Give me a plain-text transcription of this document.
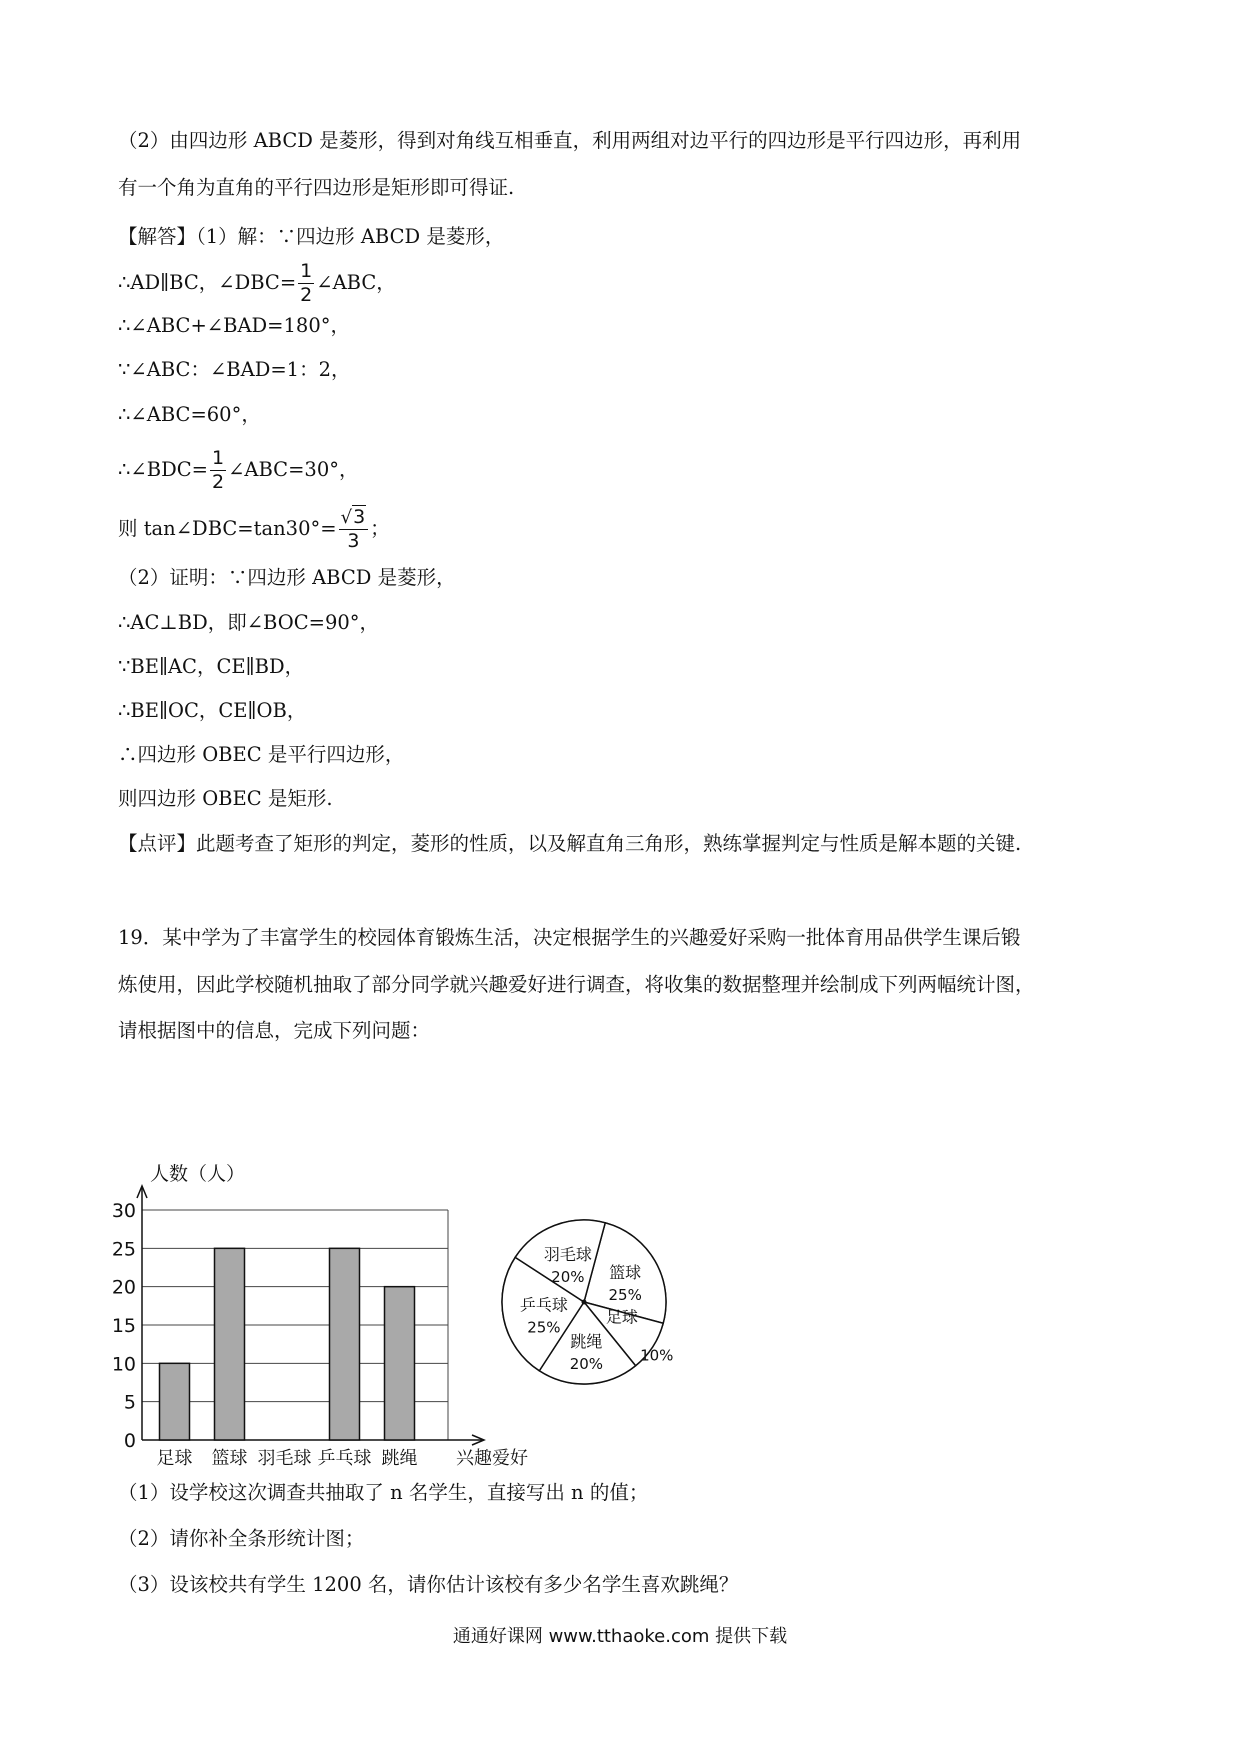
（2）由四边形 ABCD 是菱形，得到对角线互相垂直，利用两组对边平行的四边形是平行四边形，再利用
有一个角为直角的平行四边形是矩形即可得证.
【解答】（1）解：∵四边形 ABCD 是菱形，
∴AD∥BC，∠DBC= $\frac{1}{2}$ ∠ABC，
∴∠ABC+∠BAD=180°，
∵∠ABC：∠BAD=1：2，
∴∠ABC=60°，
∴∠BDC= $\frac{1}{2}$ ∠ABC=30°，
则 tan∠DBC=tan30°= $\frac{√3}{3}$ ；
（2）证明：∵四边形 ABCD 是菱形，
∴AC⊥BD，即∠BOC=90°，
∵BE∥AC，CE∥BD，
∴BE∥OC，CE∥OB，
∴四边形 OBEC 是平行四边形，
则四边形 OBEC 是矩形.
【点评】此题考查了矩形的判定，菱形的性质，以及解直角三角形，熟练掌握判定与性质是解本题的关键.
19．某中学为了丰富学生的校园体育锻炼生活，决定根据学生的兴趣爱好采购一批体育用品供学生课后锻
炼使用，因此学校随机抽取了部分同学就兴趣爱好进行调查，将收集的数据整理并绘制成下列两幅统计图，
请根据图中的信息，完成下列问题：
0
5
10
15
20
25
30
人数（人）
足球 篮球 羽毛球 乒乓球 跳绳 兴趣爱好
篮球
25%
足球
10%
跳绳
20%
乒乓球
25%
羽毛球
20%
（1）设学校这次调查共抽取了 n 名学生，直接写出 n 的值；
（2）请你补全条形统计图；
（3）设该校共有学生 1200 名，请你估计该校有多少名学生喜欢跳绳？
通通好课网 www.tthaoke.com 提供下载
